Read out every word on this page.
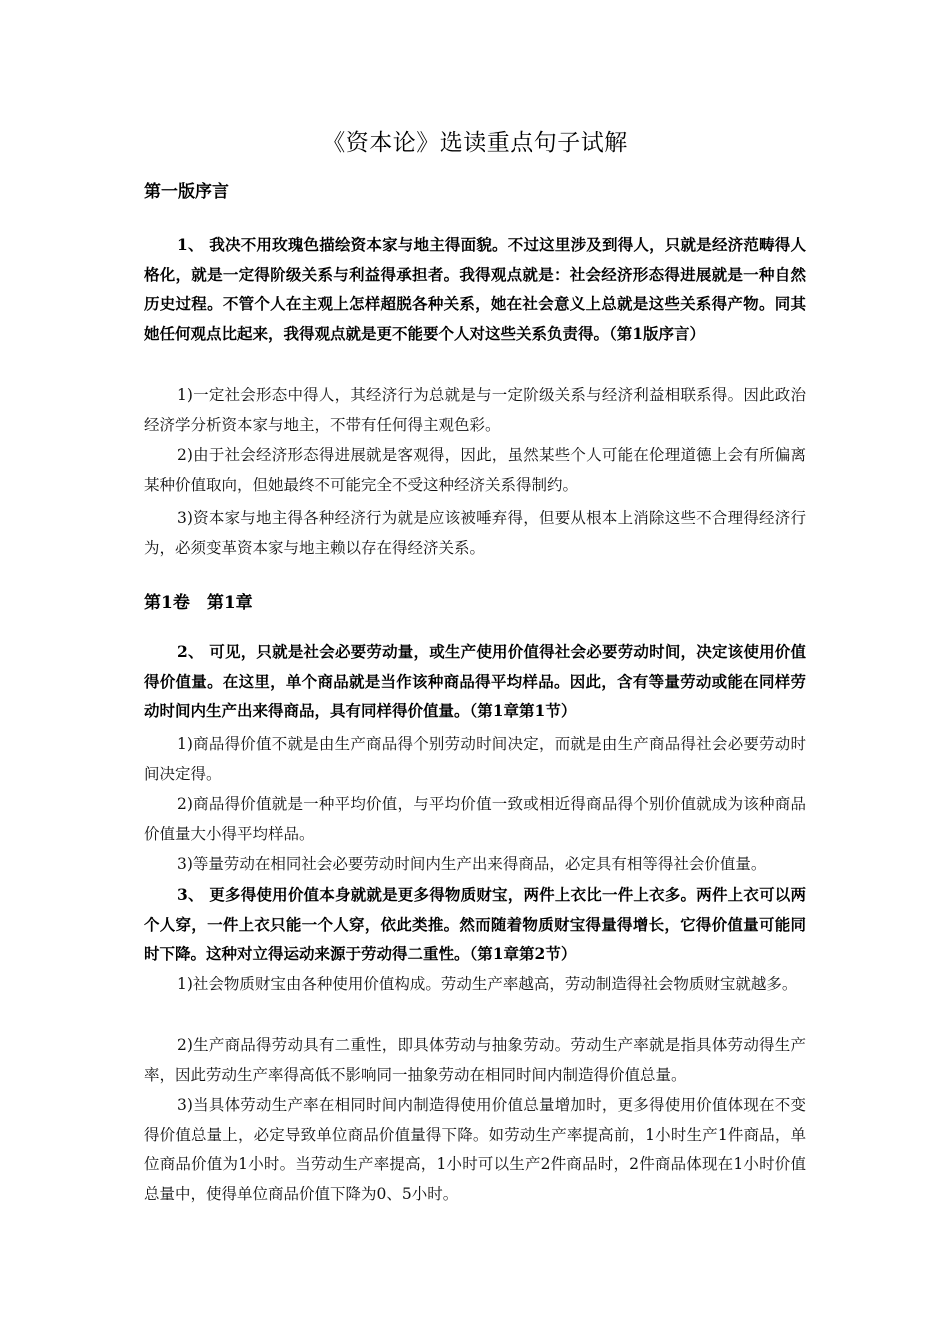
《资本论》选读重点句子试解
第一版序言
1、 我决不用玫瑰色描绘资本家与地主得面貌。不过这里涉及到得人，只就是经济范畴得人格化，就是一定得阶级关系与利益得承担者。我得观点就是：社会经济形态得进展就是一种自然历史过程。不管个人在主观上怎样超脱各种关系，她在社会意义上总就是这些关系得产物。同其她任何观点比起来，我得观点就是更不能要个人对这些关系负责得。（第1版序言）
1)一定社会形态中得人，其经济行为总就是与一定阶级关系与经济利益相联系得。因此政治经济学分析资本家与地主，不带有任何得主观色彩。
2)由于社会经济形态得进展就是客观得，因此，虽然某些个人可能在伦理道德上会有所偏离某种价值取向，但她最终不可能完全不受这种经济关系得制约。
3)资本家与地主得各种经济行为就是应该被唾弃得，但要从根本上消除这些不合理得经济行为，必须变革资本家与地主赖以存在得经济关系。
第1卷　第1章
2、 可见，只就是社会必要劳动量，或生产使用价值得社会必要劳动时间，决定该使用价值得价值量。在这里，单个商品就是当作该种商品得平均样品。因此，含有等量劳动或能在同样劳动时间内生产出来得商品，具有同样得价值量。（第1章第1节）
1)商品得价值不就是由生产商品得个别劳动时间决定，而就是由生产商品得社会必要劳动时间决定得。
2)商品得价值就是一种平均价值，与平均价值一致或相近得商品得个别价值就成为该种商品价值量大小得平均样品。
3)等量劳动在相同社会必要劳动时间内生产出来得商品，必定具有相等得社会价值量。
3、 更多得使用价值本身就就是更多得物质财宝，两件上衣比一件上衣多。两件上衣可以两个人穿，一件上衣只能一个人穿，依此类推。然而随着物质财宝得量得增长，它得价值量可能同时下降。这种对立得运动来源于劳动得二重性。（第1章第2节）
1)社会物质财宝由各种使用价值构成。劳动生产率越高，劳动制造得社会物质财宝就越多。
2)生产商品得劳动具有二重性，即具体劳动与抽象劳动。劳动生产率就是指具体劳动得生产率，因此劳动生产率得高低不影响同一抽象劳动在相同时间内制造得价值总量。
3)当具体劳动生产率在相同时间内制造得使用价值总量增加时，更多得使用价值体现在不变得价值总量上，必定导致单位商品价值量得下降。如劳动生产率提高前，1小时生产1件商品，单位商品价值为1小时。当劳动生产率提高，1小时可以生产2件商品时，2件商品体现在1小时价值总量中，使得单位商品价值下降为0、5小时。
